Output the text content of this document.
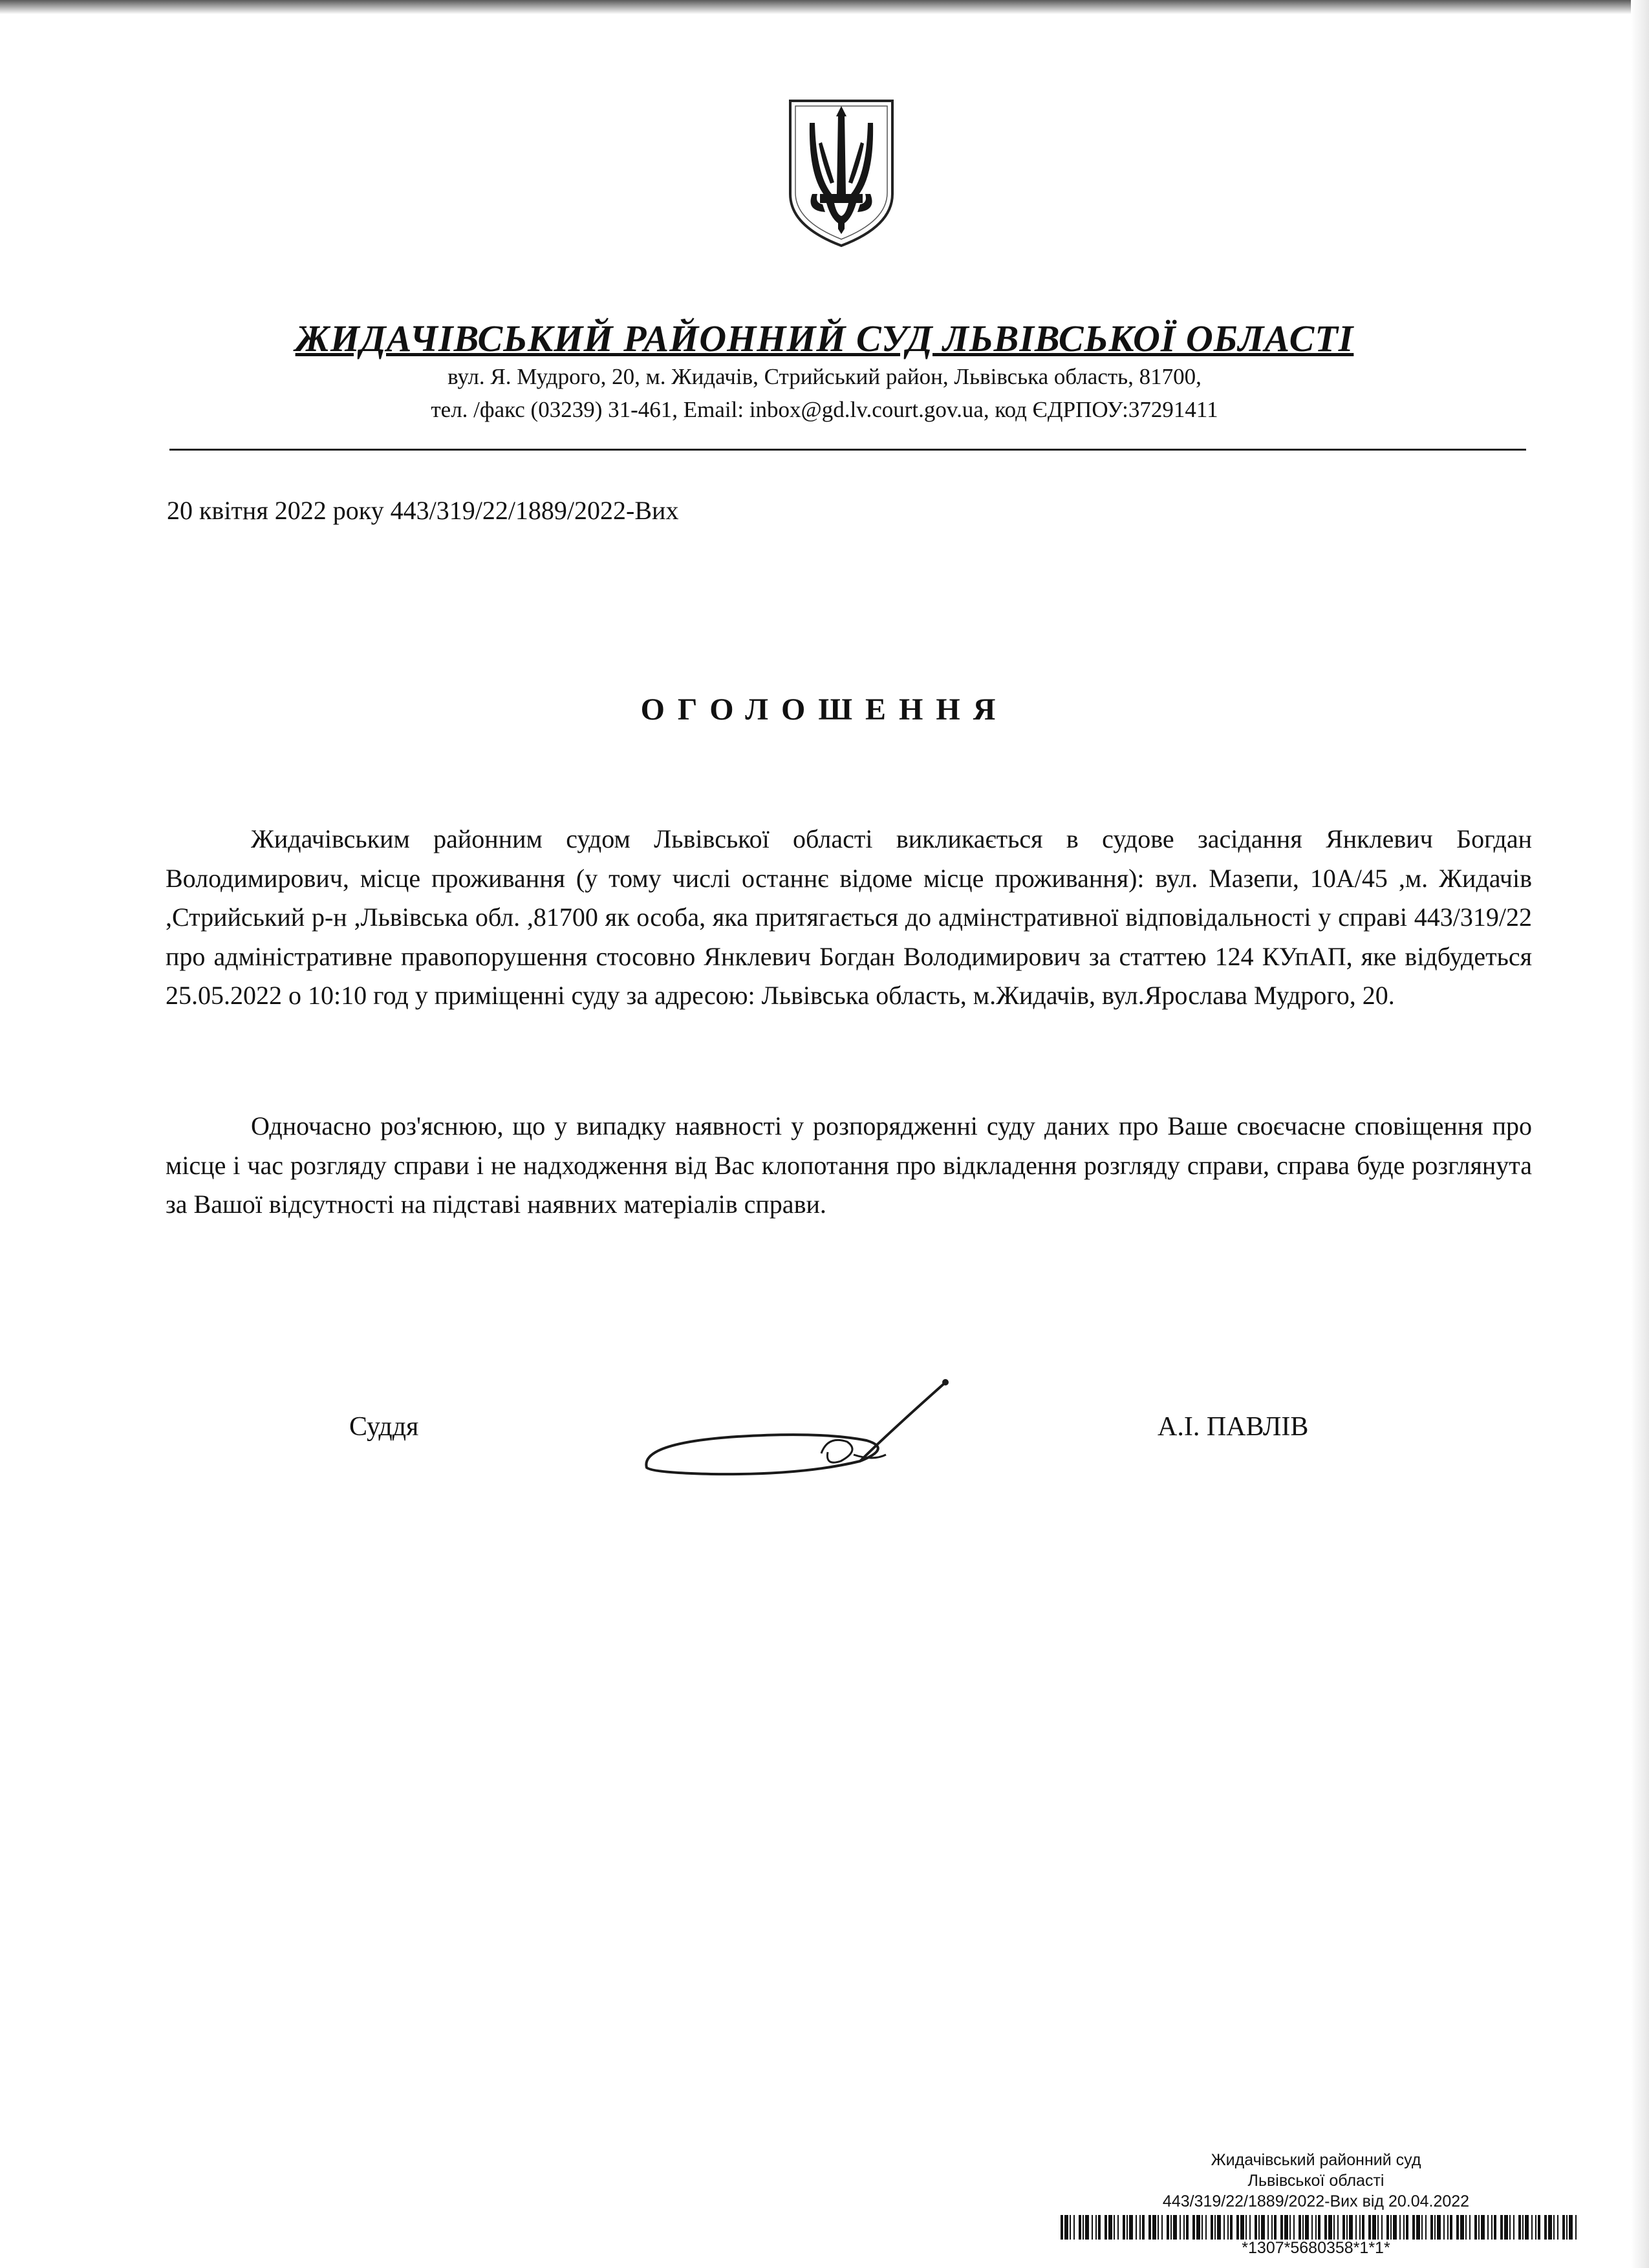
ЖИДАЧІВСЬКИЙ РАЙОННИЙ СУД ЛЬВІВСЬКОЇ ОБЛАСТІ
вул. Я. Мудрого, 20, м. Жидачів, Стрийський район, Львівська область, 81700,
тел. /факс (03239) 31-461, Email: inbox@gd.lv.court.gov.ua, код ЄДРПОУ:37291411
20 квітня 2022 року 443/319/22/1889/2022-Вих
ОГОЛОШЕННЯ
Жидачівським районним судом Львівської області викликається в судове засідання Янклевич Богдан Володимирович, місце проживання (у тому числі останнє відоме місце проживання): вул. Мазепи, 10А/45 ,м. Жидачів ,Стрийський р-н ,Львівська обл. ,81700 як особа, яка притягається до адмінстративної відповідальності у справі 443/319/22 про адміністративне правопорушення стосовно Янклевич Богдан Володимирович за статтею 124 КУпАП, яке відбудеться 25.05.2022 о 10:10 год у приміщенні суду за адресою: Львівська область, м.Жидачів, вул.Ярослава Мудрого, 20.
Одночасно роз'яснюю, що у випадку наявності у розпорядженні суду даних про Ваше своєчасне сповіщення про місце і час розгляду справи і не надходження від Вас клопотання про відкладення розгляду справи, справа буде розглянута за Вашої відсутності на підставі наявних матеріалів справи.
Суддя	А.І. ПАВЛІВ
Жидачівський районний суд
Львівської області
443/319/22/1889/2022-Вих від 20.04.2022
*1307*5680358*1*1*
